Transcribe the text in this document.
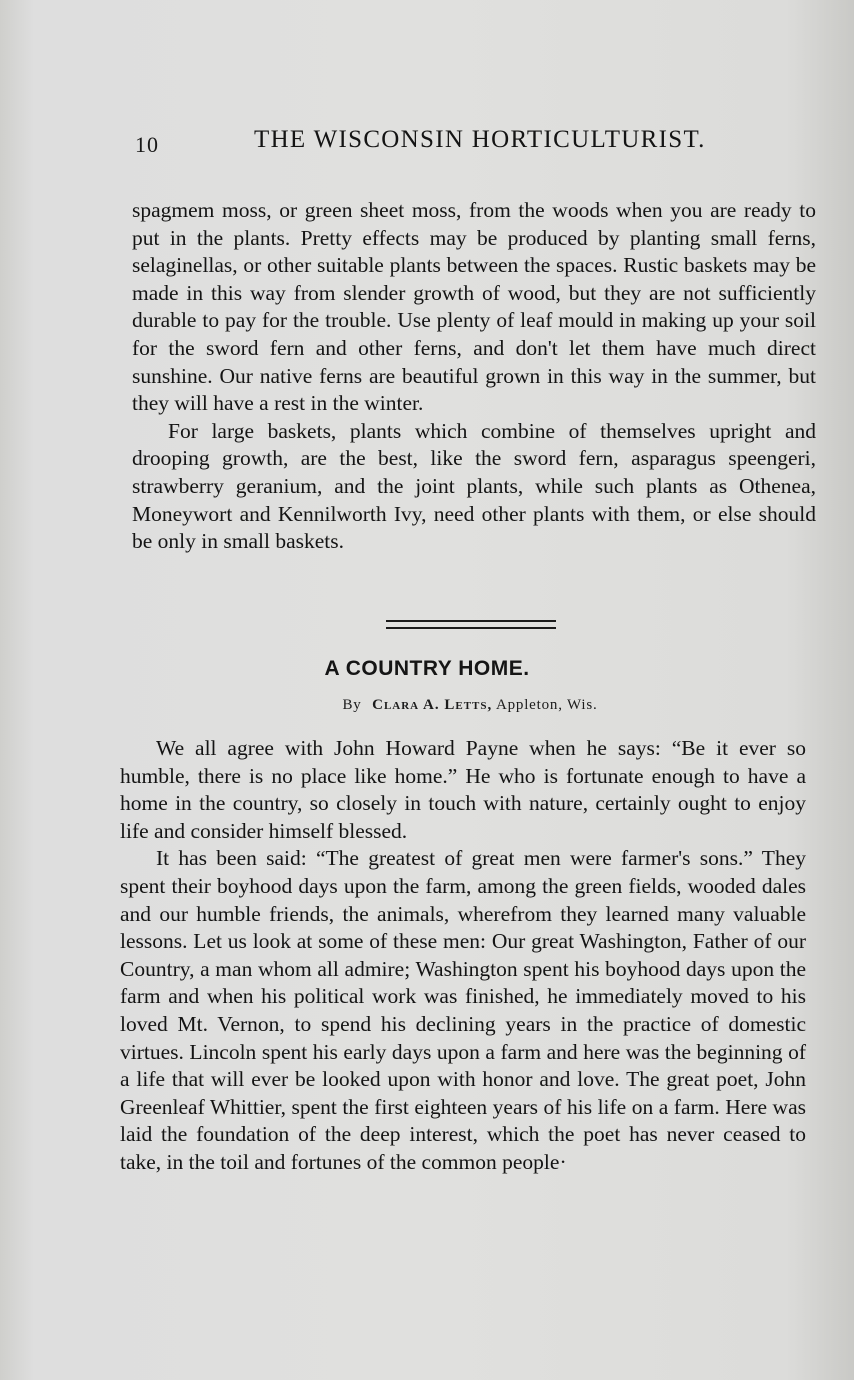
10	THE WISCONSIN HORTICULTURIST.

spagmem moss, or green sheet moss, from the woods when you are ready to put in the plants. Pretty effects may be produced by planting small ferns, selaginellas, or other suitable plants between the spaces. Rustic baskets may be made in this way from slender growth of wood, but they are not sufficiently durable to pay for the trouble. Use plenty of leaf mould in making up your soil for the sword fern and other ferns, and don't let them have much direct sunshine. Our native ferns are beautiful grown in this way in the summer, but they will have a rest in the winter.

For large baskets, plants which combine of themselves upright and drooping growth, are the best, like the sword fern, asparagus speengeri, strawberry geranium, and the joint plants, while such plants as Othenea, Moneywort and Kennilworth Ivy, need other plants with them, or else should be only in small baskets.

A COUNTRY HOME.
By Clara A. Letts, Appleton, Wis.

We all agree with John Howard Payne when he says: “Be it ever so humble, there is no place like home.” He who is fortunate enough to have a home in the country, so closely in touch with nature, certainly ought to enjoy life and consider himself blessed.

It has been said: “The greatest of great men were farmer's sons.” They spent their boyhood days upon the farm, among the green fields, wooded dales and our humble friends, the animals, wherefrom they learned many valuable lessons. Let us look at some of these men: Our great Washington, Father of our Country, a man whom all admire; Washington spent his boyhood days upon the farm and when his political work was finished, he immediately moved to his loved Mt. Vernon, to spend his declining years in the practice of domestic virtues. Lincoln spent his early days upon a farm and here was the beginning of a life that will ever be looked upon with honor and love. The great poet, John Greenleaf Whittier, spent the first eighteen years of his life on a farm. Here was laid the foundation of the deep interest, which the poet has never ceased to take, in the toil and fortunes of the common people·
